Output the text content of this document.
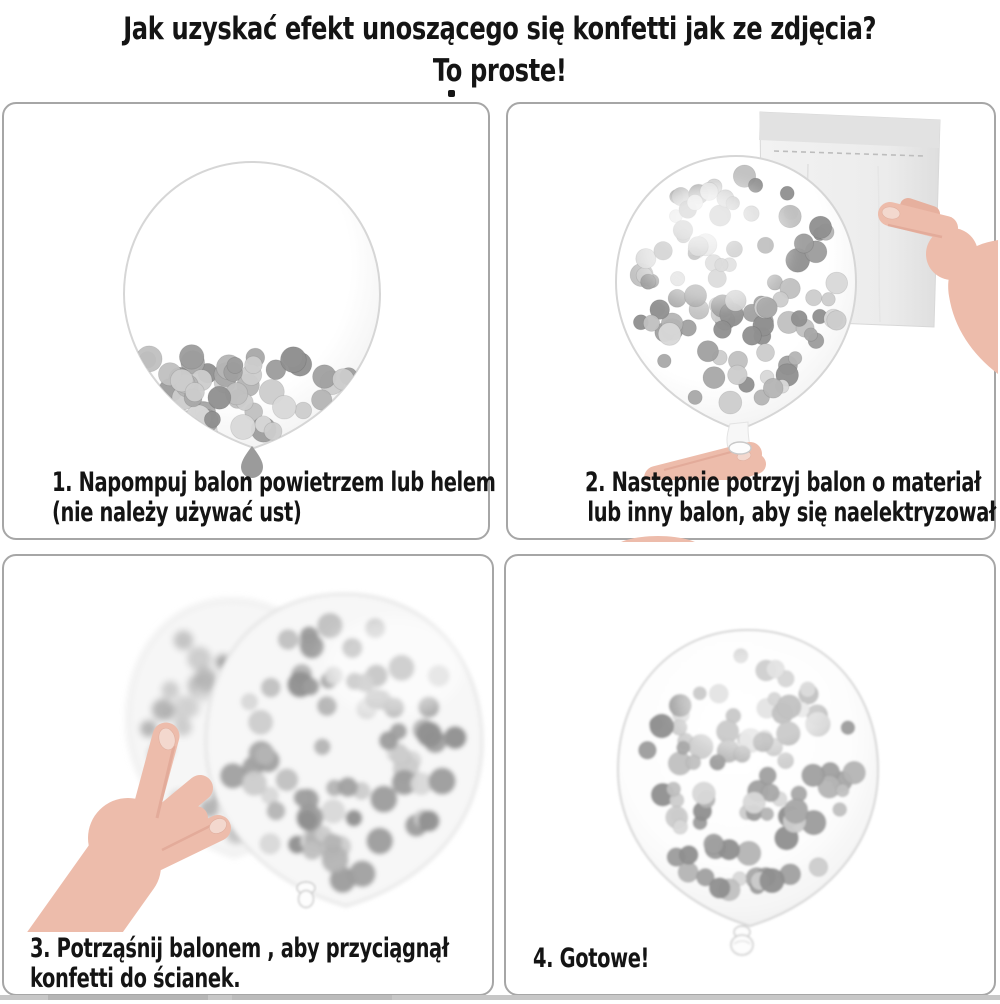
Jak uzyskać efekt unoszącego się konfetti jak ze zdjęcia?
To proste!
1. Napompuj balon powietrzem lub helem
(nie należy używać ust)
2. Następnie potrzyj balon o materiał
lub inny balon, aby się naelektryzował
3. Potrząśnij balonem , aby przyciągnął
konfetti do ścianek.
4. Gotowe!
